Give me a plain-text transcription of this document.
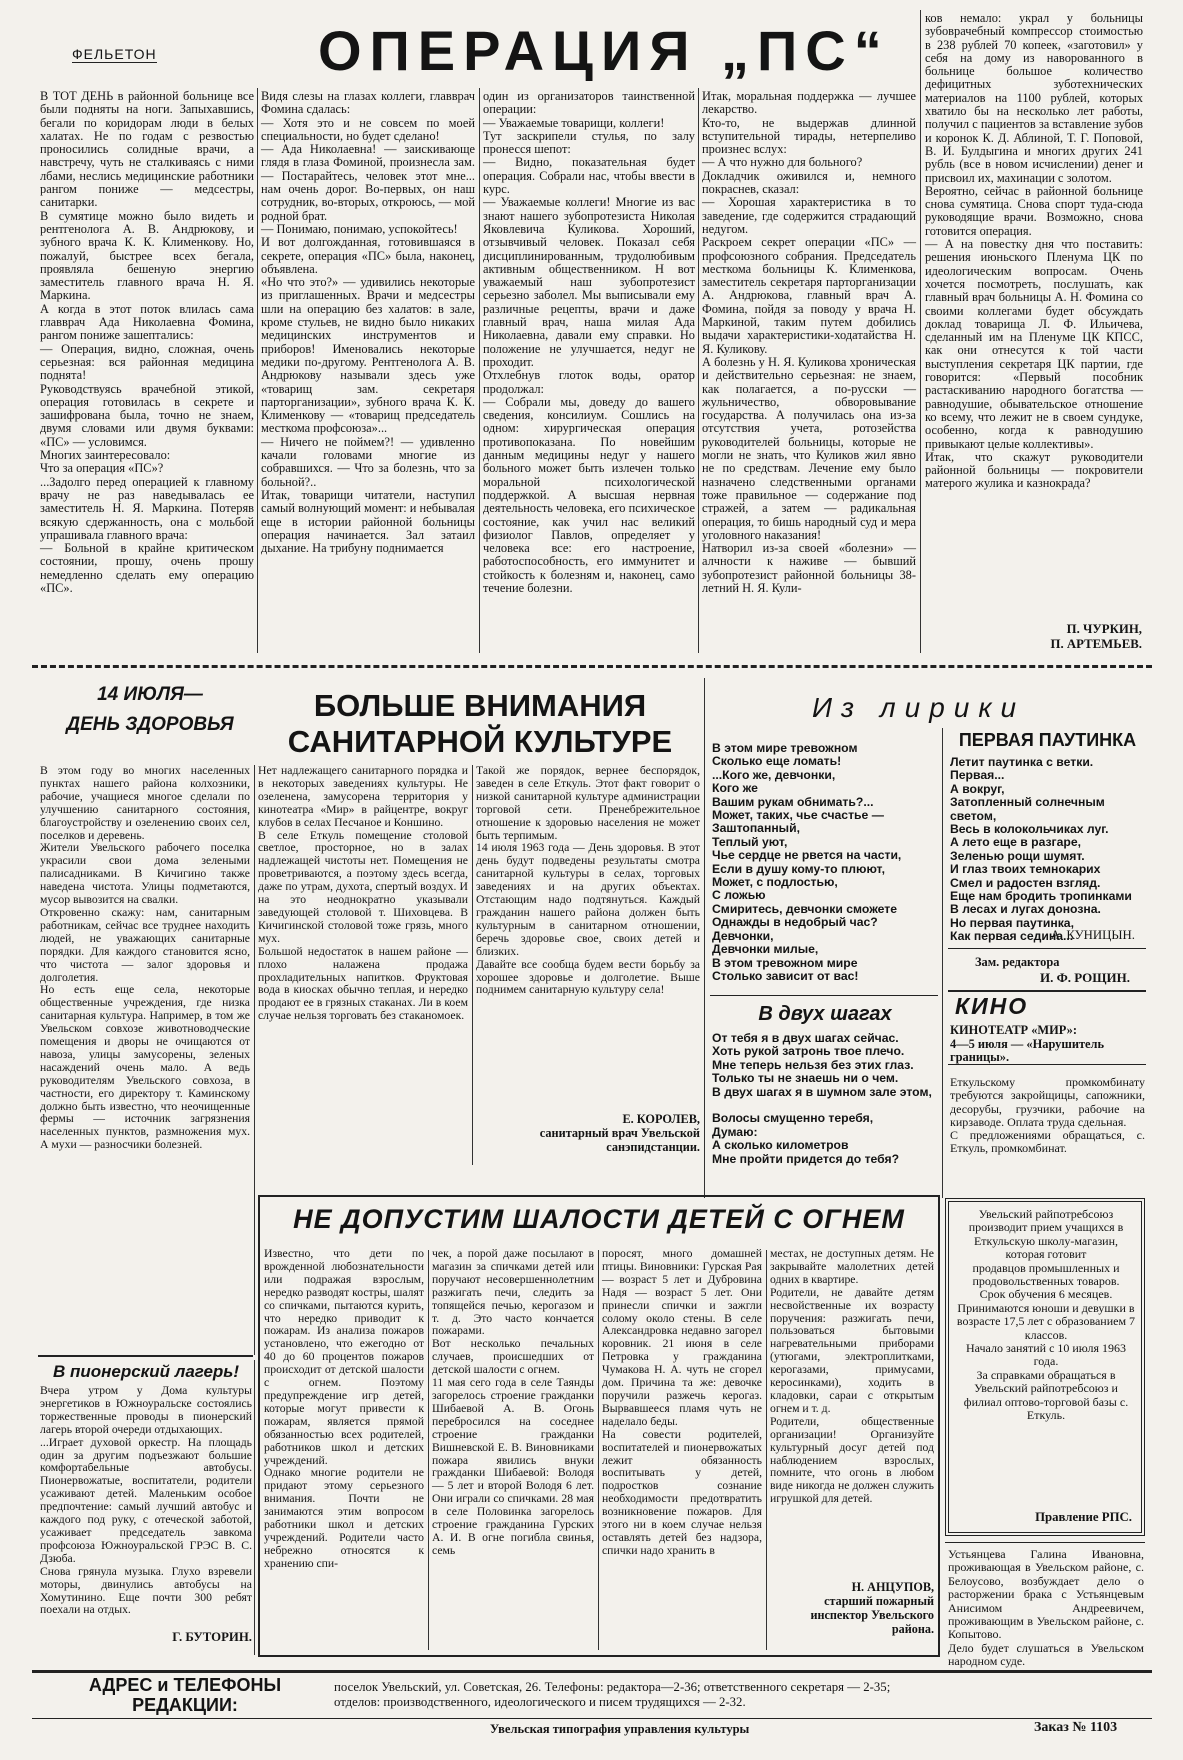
ФЕЛЬЕТОН	ОПЕРАЦИЯ „ПС“
В ТОТ ДЕНЬ в районной больнице все были подняты на ноги. Запыхавшись, бегали по коридорам люди в белых халатах. Не по годам с резвостью проносились солидные врачи, а навстречу, чуть не сталкиваясь с ними лбами, неслись медицинские работники рангом пониже — медсестры, санитарки.
В сумятице можно было видеть и рентгенолога А. В. Андрюкову, и зубного врача К. К. Клименкову. Но, пожалуй, быстрее всех бегала, проявляла бешеную энергию заместитель главного врача Н. Я. Маркина.
А когда в этот поток влилась сама главврач Ада Николаевна Фомина, рангом пониже зашептались:
— Операция, видно, сложная, очень серьезная: вся районная медицина поднята!
Руководствуясь врачебной этикой, операция готовилась в секрете и зашифрована была, точно не знаем, двумя словами или двумя буквами: «ПС» — условимся.
Многих заинтересовало:
Что за операция «ПС»?
...Задолго перед операцией к главному врачу не раз наведывалась ее заместитель Н. Я. Маркина. Потеряв всякую сдержанность, она с мольбой упрашивала главного врача:
— Больной в крайне критическом состоянии, прошу, очень прошу немедленно сделать ему операцию «ПС».
Видя слезы на глазах коллеги, главврач Фомина сдалась:
— Хотя это и не совсем по моей специальности, но будет сделано!
— Ада Николаевна! — заискивающе глядя в глаза Фоминой, произнесла зам. — Постарайтесь, человек этот мне... нам очень дорог. Во-первых, он наш сотрудник, во-вторых, откроюсь, — мой родной брат.
— Понимаю, понимаю, успокойтесь!
И вот долгожданная, готовившаяся в секрете, операция «ПС» была, наконец, объявлена.
«Но что это?» — удивились некоторые из приглашенных. Врачи и медсестры шли на операцию без халатов: в зале, кроме стульев, не видно было никаких медицинских инструментов и приборов! Именовались некоторые медики по-другому. Рентгенолога А. В. Андрюкову называли здесь уже «товарищ зам. секретаря парторганизации», зубного врача К. К. Клименкову — «товарищ председатель месткома профсоюза»...
— Ничего не поймем?! — удивленно качали головами многие из собравшихся. — Что за болезнь, что за больной?..
Итак, товарищи читатели, наступил самый волнующий момент: и небывалая еще в истории районной больницы операция начинается. Зал затаил дыхание. На трибуну поднимается
один из организаторов таинственной операции:
— Уважаемые товарищи, коллеги!
Тут заскрипели стулья, по залу пронесся шепот:
— Видно, показательная будет операция. Собрали нас, чтобы ввести в курс.
— Уважаемые коллеги! Многие из вас знают нашего зубопротезиста Николая Яковлевича Куликова. Хороший, отзывчивый человек. Показал себя дисциплинированным, трудолюбивым активным общественником. Н вот уважаемый наш зубопротезист серьезно заболел. Мы выписывали ему различные рецепты, врачи и даже главный врач, наша милая Ада Николаевна, давали ему справки. Но положение не улучшается, недуг не проходит.
Отхлебнув глоток воды, оратор продолжал:
— Собрали мы, доведу до вашего сведения, консилиум. Сошлись на одном: хирургическая операция противопоказана. По новейшим данным медицины недуг у нашего больного может быть излечен только моральной психологической поддержкой. А высшая нервная деятельность человека, его психическое состояние, как учил нас великий физиолог Павлов, определяет у человека все: его настроение, работоспособность, его иммунитет и стойкость к болезням и, наконец, само течение болезни.
Итак, моральная поддержка — лучшее лекарство.
Кто-то, не выдержав длинной вступительной тирады, нетерпеливо произнес вслух:
— А что нужно для больного?
Докладчик оживился и, немного покраснев, сказал:
— Хорошая характеристика в то заведение, где содержится страдающий недугом.
Раскроем секрет операции «ПС» — профсоюзного собрания. Председатель месткома больницы К. Клименкова, заместитель секретаря парторганизации А. Андрюкова, главный врач А. Фомина, пойдя за поводу у врача Н. Маркиной, таким путем добились выдачи характеристики-ходатайства Н. Я. Куликову.
А болезнь у Н. Я. Куликова хроническая и действительно серьезная: не знаем, как полагается, а по-русски — жульничество, обворовывание государства. А получилась она из-за отсутствия учета, ротозейства руководителей больницы, которые не могли не знать, что Куликов жил явно не по средствам. Лечение ему было назначено следственными органами тоже правильное — содержание под стражей, а затем — радикальная операция, то бишь народный суд и мера уголовного наказания!
Натворил из-за своей «болезни» — алчности к наживе — бывший зубопротезист районной больницы 38-летний Н. Я. Кули-
ков немало: украл у больницы зубоврачебный компрессор стоимостью в 238 рублей 70 копеек, «заготовил» у себя на дому из наворованного в больнице большое количество дефицитных зуботехнических материалов на 1100 рублей, которых хватило бы на несколько лет работы, получил с пациентов за вставление зубов и коронок К. Д. Аблиной, Т. Г. Поповой, В. И. Булдыгина и многих других 241 рубль (все в новом исчислении) денег и присвоил их, махинации с золотом.
Вероятно, сейчас в районной больнице снова сумятица. Снова спорт туда-сюда руководящие врачи. Возможно, снова готовится операция.
— А на повестку дня что поставить: решения июньского Пленума ЦК по идеологическим вопросам. Очень хочется посмотреть, послушать, как главный врач больницы А. Н. Фомина со своими коллегами будет обсуждать доклад товарища Л. Ф. Ильичева, сделанный им на Пленуме ЦК КПСС, как они отнесутся к той части выступления секретаря ЦК партии, где говорится: «Первый пособник растаскиванию народного богатства — равнодушие, обывательское отношение ко всему, что лежит не в своем сундуке, особенно, когда к равнодушию привыкают целые коллективы».
Итак, что скажут руководители районной больницы — покровители матерого жулика и казнокрада?
П. ЧУРКИН,
П. АРТЕМЬЕВ.
14 ИЮЛЯ—
ДЕНЬ ЗДОРОВЬЯ
БОЛЬШЕ ВНИМАНИЯ
САНИТАРНОЙ КУЛЬТУРЕ
В этом году во многих населенных пунктах нашего района колхозники, рабочие, учащиеся многое сделали по улучшению санитарного состояния, благоустройству и озеленению своих сел, поселков и деревень.
Жители Увельского рабочего поселка украсили свои дома зелеными палисадниками. В Кичигино также наведена чистота. Улицы подметаются, мусор вывозится на свалки.
Откровенно скажу: нам, санитарным работникам, сейчас все труднее находить людей, не уважающих санитарные порядки. Для каждого становится ясно, что чистота — залог здоровья и долголетия.
Но есть еще села, некоторые общественные учреждения, где низка санитарная культура. Например, в том же Увельском совхозе животноводческие помещения и дворы не очищаются от навоза, улицы замусорены, зеленых насаждений очень мало. А ведь руководителям Увельского совхоза, в частности, его директору т. Каминскому должно быть известно, что неочищенные фермы — источник загрязнения населенных пунктов, размножения мух. А мухи — разносчики болезней.
Нет надлежащего санитарного порядка и в некоторых заведениях культуры. Не озеленена, замусорена территория у кинотеатра «Мир» в райцентре, вокруг клубов в селах Песчаное и Коншино.
В селе Еткуль помещение столовой светлое, просторное, но в залах надлежащей чистоты нет. Помещения не проветриваются, а поэтому здесь всегда, даже по утрам, духота, спертый воздух. И на это неоднократно указывали заведующей столовой т. Шиховцева. В Кичигинской столовой тоже грязь, много мух.
Большой недостаток в нашем районе — плохо налажена продажа прохладительных напитков. Фруктовая вода в киосках обычно теплая, и нередко продают ее в грязных стаканах. Ли в коем случае нельзя торговать без стаканомоек.
Такой же порядок, вернее беспорядок, заведен в селе Еткуль. Этот факт говорит о низкой санитарной культуре администрации торговой сети. Пренебрежительное отношение к здоровью населения не может быть терпимым.
14 июля 1963 года — День здоровья. В этот день будут подведены результаты смотра санитарной культуры в селах, торговых заведениях и на других объектах. Отстающим надо подтянуться. Каждый гражданин нашего района должен быть культурным в санитарном отношении, беречь здоровье свое, своих детей и близких.
Давайте все сообща будем вести борьбу за хорошее здоровье и долголетие. Выше поднимем санитарную культуру села!
Е. КОРОЛЕВ,
санитарный врач Увельской
санэпидстанции.
Из лирики
В этом мире тревожном
Сколько еще ломать!
...Кого же, девчонки,
Кого же
Вашим рукам обнимать?...
Может, таких, чье счастье —
Заштопанный,
Теплый уют,
Чье сердце не рвется на части,
Если в душу кому-то плюют,
Может, с подлостью,
С ложью
Смиритесь, девчонки сможете
Однажды в недобрый час?
Девчонки,
Девчонки милые,
В этом тревожном мире
Столько зависит от вас!
В двух шагах
От тебя я в двух шагах сейчас.
Хоть рукой затронь твое плечо.
Мне теперь нельзя без этих глаз.
Только ты не знаешь ни о чем.
В двух шагах я в шумном зале этом,

Волосы смущенно теребя,
Думаю:
А сколько километров
Мне пройти придется до тебя?
ПЕРВАЯ ПАУТИНКА
Летит паутинка с ветки.
Первая...
А вокруг,
Затопленный солнечным светом,
Весь в колокольчиках луг.
А лето еще в разгаре,
Зеленью рощи шумят.
И глаз твоих темнокарих
Смел и радостен взгляд.
Еще нам бродить тропинками
В лесах и лугах донозна.
Но первая паутинка,
Как первая седина...
А. КУНИЦЫН.
Зам. редактора
И. Ф. РОЩИН.
КИНО
КИНОТЕАТР «МИР»:
4—5 июля — «Нарушитель границы».
Еткульскому промкомбинату требуются закройщицы, сапожники, десорубы, грузчики, рабочие на кирзаводе. Оплата труда сдельная.
С предложениями обращаться, с. Еткуль, промкомбинат.
В пионерский лагерь!
Вчера утром у Дома культуры энергетиков в Южноуральске состоялись торжественные проводы в пионерский лагерь второй очереди отдыхающих.
...Играет духовой оркестр. На площадь один за другим подъезжают большие комфортабельные автобусы. Пионервожатые, воспитатели, родители усаживают детей. Маленьким особое предпочтение: самый лучший автобус и каждого под руку, с отеческой заботой, усаживает председатель завкома профсоюза Южноуральской ГРЭС В. С. Дзюба.
Снова грянула музыка. Глухо взревели моторы, двинулись автобусы на Хомутинино. Еще почти 300 ребят поехали на отдых.
Г. БУТОРИН.
НЕ ДОПУСТИМ ШАЛОСТИ ДЕТЕЙ С ОГНЕМ
Известно, что дети по врожденной любознательности или подражая взрослым, нередко разводят костры, шалят со спичками, пытаются курить, что нередко приводит к пожарам. Из анализа пожаров установлено, что ежегодно от 40 до 60 процентов пожаров происходит от детской шалости с огнем. Поэтому предупреждение игр детей, которые могут привести к пожарам, является прямой обязанностью всех родителей, работников школ и детских учреждений.
Однако многие родители не придают этому серьезного внимания. Почти не занимаются этим вопросом работники школ и детских учреждений. Родители часто небрежно относятся к хранению спи-
чек, а порой даже посылают в магазин за спичками детей или поручают несовершеннолетним разжигать печи, следить за топящейся печью, керогазом и т. д. Это часто кончается пожарами.
Вот несколько печальных случаев, происшедших от детской шалости с огнем.
11 мая сего года в селе Таянды загорелось строение гражданки Шибаевой А. В. Огонь перебросился на соседнее строение гражданки Вишневской Е. В. Виновниками пожара явились внуки гражданки Шибаевой: Володя — 5 лет и второй Володя 6 лет. Они играли со спичками. 28 мая в селе Половинка загорелось строение гражданина Гурских А. И. В огне погибла свинья, семь
поросят, много домашней птицы. Виновники: Гурская Рая — возраст 5 лет и Дубровина Надя — возраст 5 лет. Они принесли спички и зажгли солому около стены. В селе Александровка недавно загорел коровник. 21 июня в селе Петровка у гражданина Чумакова Н. А. чуть не сгорел дом. Причина та же: девочке поручили разжечь керогаз. Вырвавшееся пламя чуть не наделало беды.
На совести родителей, воспитателей и пионервожатых лежит обязанность воспитывать у детей, подростков сознание необходимости предотвратить возникновение пожаров. Для этого ни в коем случае нельзя оставлять детей без надзора, спички надо хранить в
местах, не доступных детям. Не закрывайте малолетних детей одних в квартире.
Родители, не давайте детям несвойственные их возрасту поручения: разжигать печи, пользоваться бытовыми нагревательными приборами (утюгами, электроплитками, керогазами, примусами, керосинками), ходить в кладовки, сараи с открытым огнем и т. д.
Родители, общественные организации! Организуйте культурный досуг детей под наблюдением взрослых, помните, что огонь в любом виде никогда не должен служить игрушкой для детей.
Н. АНЦУПОВ,
старший пожарный
инспектор Увельского района.
Увельский райпотребсоюз производит прием учащихся в Еткульскую школу-магазин, которая готовит
продавцов промышленных и продовольственных товаров.
Срок обучения 6 месяцев.
Принимаются юноши и девушки в возрасте 17,5 лет с образованием 7 классов.
Начало занятий с 10 июля 1963 года.
За справками обращаться в Увельский райпотребсоюз и филиал оптово-торговой базы с. Еткуль.
Правление РПС.
Устьянцева Галина Ивановна, проживающая в Увельском районе, с. Белоусово, возбуждает дело о расторжении брака с Устьянцевым Анисимом Андреевичем, проживающим в Увельском районе, с. Копытово.
Дело будет слушаться в Увельском народном суде.
АДРЕС и ТЕЛЕФОНЫ
РЕДАКЦИИ:
поселок Увельский, ул. Советская, 26. Телефоны: редактора—2-36; ответственного секретаря — 2-35;
отделов: производственного, идеологического и писем трудящихся — 2-32.
Увельская типография управления культуры	Заказ № 1103
